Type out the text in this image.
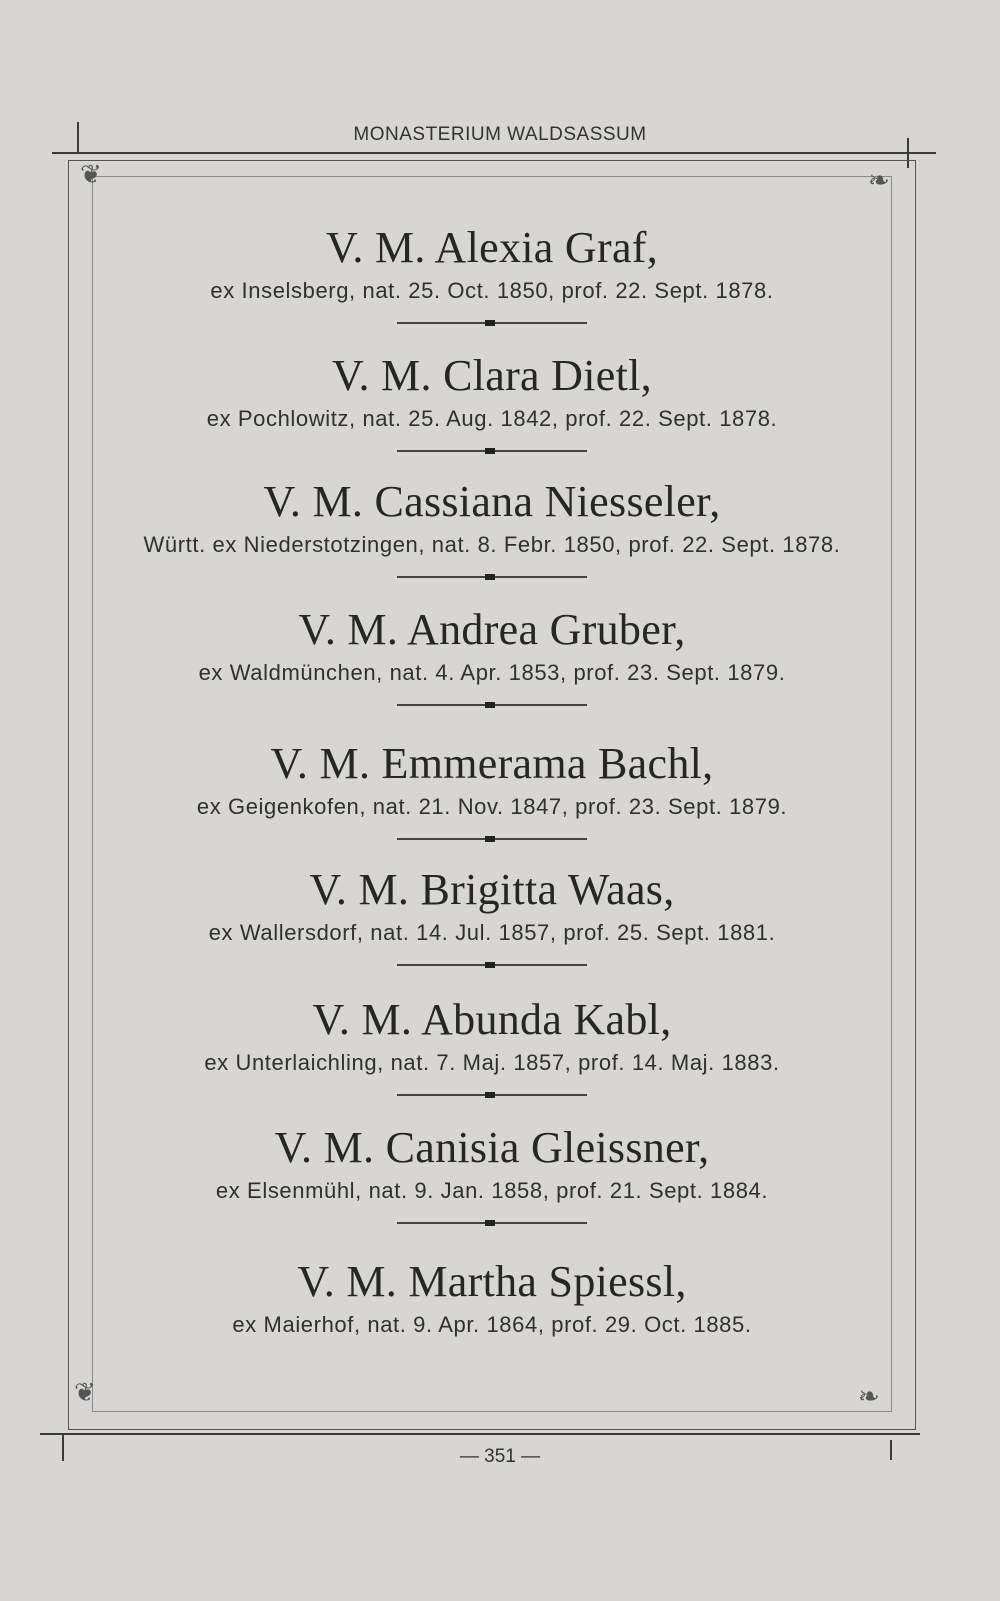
MONASTERIUM WALDSASSUM
❦	❧
❦	❧
V. M. Alexia Graf,
ex Inselsberg, nat. 25. Oct. 1850, prof. 22. Sept. 1878.
V. M. Clara Dietl,
ex Pochlowitz, nat. 25. Aug. 1842, prof. 22. Sept. 1878.
V. M. Cassiana Niesseler,
Württ. ex Niederstotzingen, nat. 8. Febr. 1850, prof. 22. Sept. 1878.
V. M. Andrea Gruber,
ex Waldmünchen, nat. 4. Apr. 1853, prof. 23. Sept. 1879.
V. M. Emmerama Bachl,
ex Geigenkofen, nat. 21. Nov. 1847, prof. 23. Sept. 1879.
V. M. Brigitta Waas,
ex Wallersdorf, nat. 14. Jul. 1857, prof. 25. Sept. 1881.
V. M. Abunda Kabl,
ex Unterlaichling, nat. 7. Maj. 1857, prof. 14. Maj. 1883.
V. M. Canisia Gleissner,
ex Elsenmühl, nat. 9. Jan. 1858, prof. 21. Sept. 1884.
V. M. Martha Spiessl,
ex Maierhof, nat. 9. Apr. 1864, prof. 29. Oct. 1885.
— 351 —
